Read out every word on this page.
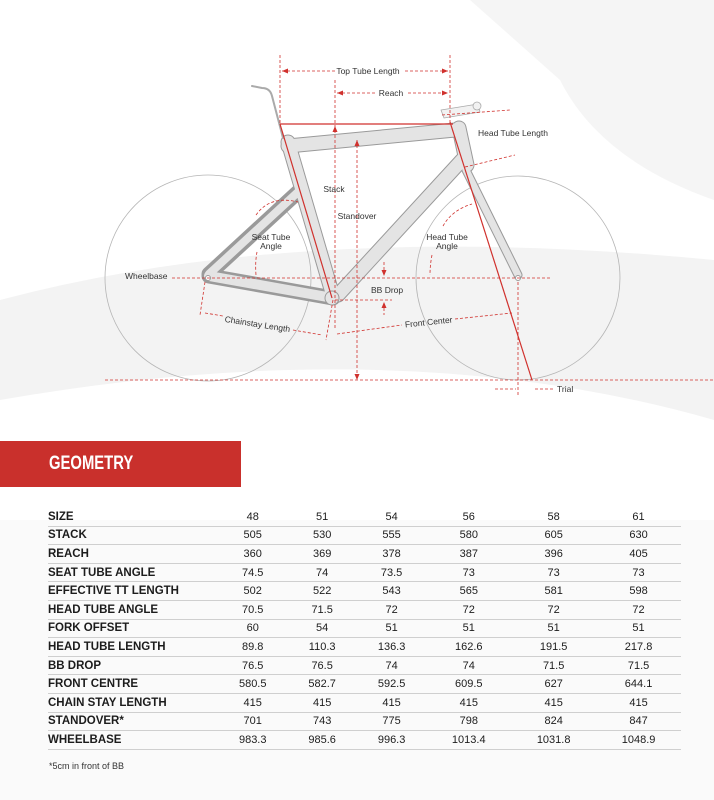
Top Tube Length
Reach
Head Tube Length
Stack
Standover
Seat Tube
Angle
Head Tube
Angle
Wheelbase
BB Drop
Chainstay Length	Front Center
Trial
GEOMETRY
SIZE	48	51	54	56	58	61
STACK	505	530	555	580	605	630
REACH	360	369	378	387	396	405
SEAT TUBE ANGLE	74.5	74	73.5	73	73	73
EFFECTIVE TT LENGTH	502	522	543	565	581	598
HEAD TUBE ANGLE	70.5	71.5	72	72	72	72
FORK OFFSET	60	54	51	51	51	51
HEAD TUBE LENGTH	89.8	110.3	136.3	162.6	191.5	217.8
BB DROP	76.5	76.5	74	74	71.5	71.5
FRONT CENTRE	580.5	582.7	592.5	609.5	627	644.1
CHAIN STAY LENGTH	415	415	415	415	415	415
STANDOVER*	701	743	775	798	824	847
WHEELBASE	983.3	985.6	996.3	1013.4	1031.8	1048.9
*5cm in front of BB
